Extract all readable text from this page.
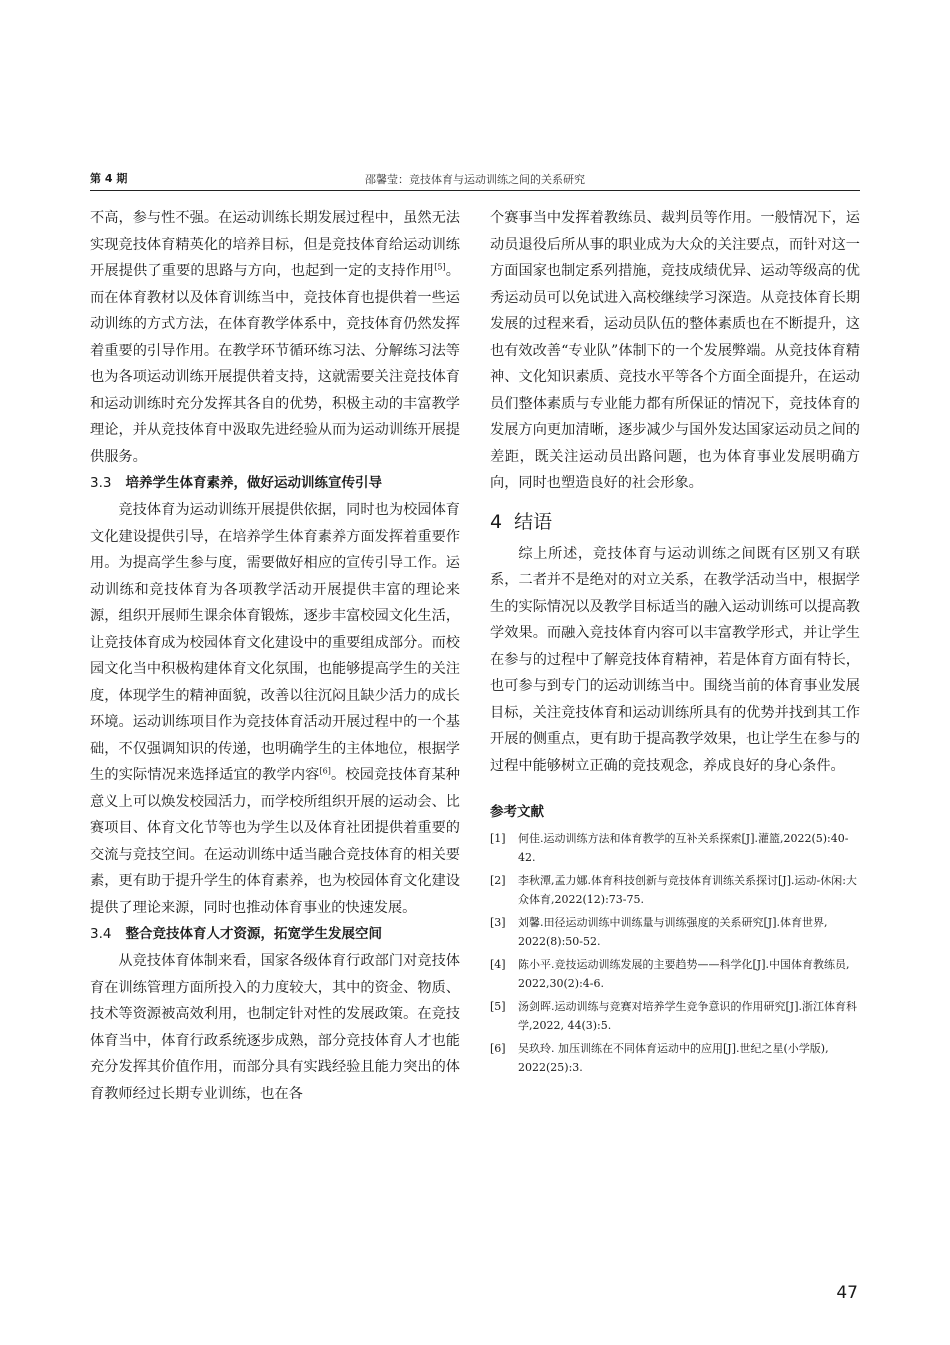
第 4 期	邵馨莹：竞技体育与运动训练之间的关系研究

不高，参与性不强。在运动训练长期发展过程中，虽然无法实现竞技体育精英化的培养目标，但是竞技体育给运动训练开展提供了重要的思路与方向，也起到一定的支持作用[5]。而在体育教材以及体育训练当中，竞技体育也提供着一些运动训练的方式方法，在体育教学体系中，竞技体育仍然发挥着重要的引导作用。在教学环节循环练习法、分解练习法等也为各项运动训练开展提供着支持，这就需要关注竞技体育和运动训练时充分发挥其各自的优势，积极主动的丰富教学理论，并从竞技体育中汲取先进经验从而为运动训练开展提供服务。

3.3 培养学生体育素养，做好运动训练宣传引导

竞技体育为运动训练开展提供依据，同时也为校园体育文化建设提供引导，在培养学生体育素养方面发挥着重要作用。为提高学生参与度，需要做好相应的宣传引导工作。运动训练和竞技体育为各项教学活动开展提供丰富的理论来源，组织开展师生课余体育锻炼，逐步丰富校园文化生活，让竞技体育成为校园体育文化建设中的重要组成部分。而校园文化当中积极构建体育文化氛围，也能够提高学生的关注度，体现学生的精神面貌，改善以往沉闷且缺少活力的成长环境。运动训练项目作为竞技体育活动开展过程中的一个基础，不仅强调知识的传递，也明确学生的主体地位，根据学生的实际情况来选择适宜的教学内容[6]。校园竞技体育某种意义上可以焕发校园活力，而学校所组织开展的运动会、比赛项目、体育文化节等也为学生以及体育社团提供着重要的交流与竞技空间。在运动训练中适当融合竞技体育的相关要素，更有助于提升学生的体育素养，也为校园体育文化建设提供了理论来源，同时也推动体育事业的快速发展。

3.4 整合竞技体育人才资源，拓宽学生发展空间

从竞技体育体制来看，国家各级体育行政部门对竞技体育在训练管理方面所投入的力度较大，其中的资金、物质、技术等资源被高效利用，也制定针对性的发展政策。在竞技体育当中，体育行政系统逐步成熟，部分竞技体育人才也能充分发挥其价值作用，而部分具有实践经验且能力突出的体育教师经过长期专业训练，也在各

个赛事当中发挥着教练员、裁判员等作用。一般情况下，运动员退役后所从事的职业成为大众的关注要点，而针对这一方面国家也制定系列措施，竞技成绩优异、运动等级高的优秀运动员可以免试进入高校继续学习深造。从竞技体育长期发展的过程来看，运动员队伍的整体素质也在不断提升，这也有效改善“专业队”体制下的一个发展弊端。从竞技体育精神、文化知识素质、竞技水平等各个方面全面提升，在运动员们整体素质与专业能力都有所保证的情况下，竞技体育的发展方向更加清晰，逐步减少与国外发达国家运动员之间的差距，既关注运动员出路问题，也为体育事业发展明确方向，同时也塑造良好的社会形象。

4 结语

综上所述，竞技体育与运动训练之间既有区别又有联系，二者并不是绝对的对立关系，在教学活动当中，根据学生的实际情况以及教学目标适当的融入运动训练可以提高教学效果。而融入竞技体育内容可以丰富教学形式，并让学生在参与的过程中了解竞技体育精神，若是体育方面有特长，也可参与到专门的运动训练当中。围绕当前的体育事业发展目标，关注竞技体育和运动训练所具有的优势并找到其工作开展的侧重点，更有助于提高教学效果，也让学生在参与的过程中能够树立正确的竞技观念，养成良好的身心条件。

参考文献
[1] 何佳.运动训练方法和体育教学的互补关系探索[J].灌篮,2022(5):40-42.
[2] 李秋潭,孟力娜.体育科技创新与竞技体育训练关系探讨[J].运动-休闲:大众体育,2022(12):73-75.
[3] 刘馨.田径运动训练中训练量与训练强度的关系研究[J].体育世界, 2022(8):50-52.
[4] 陈小平.竞技运动训练发展的主要趋势——科学化[J].中国体育教练员, 2022,30(2):4-6.
[5] 汤剑晖.运动训练与竞赛对培养学生竞争意识的作用研究[J].浙江体育科学,2022, 44(3):5.
[6] 吴玖玲. 加压训练在不同体育运动中的应用[J].世纪之星(小学版), 2022(25):3.
47
